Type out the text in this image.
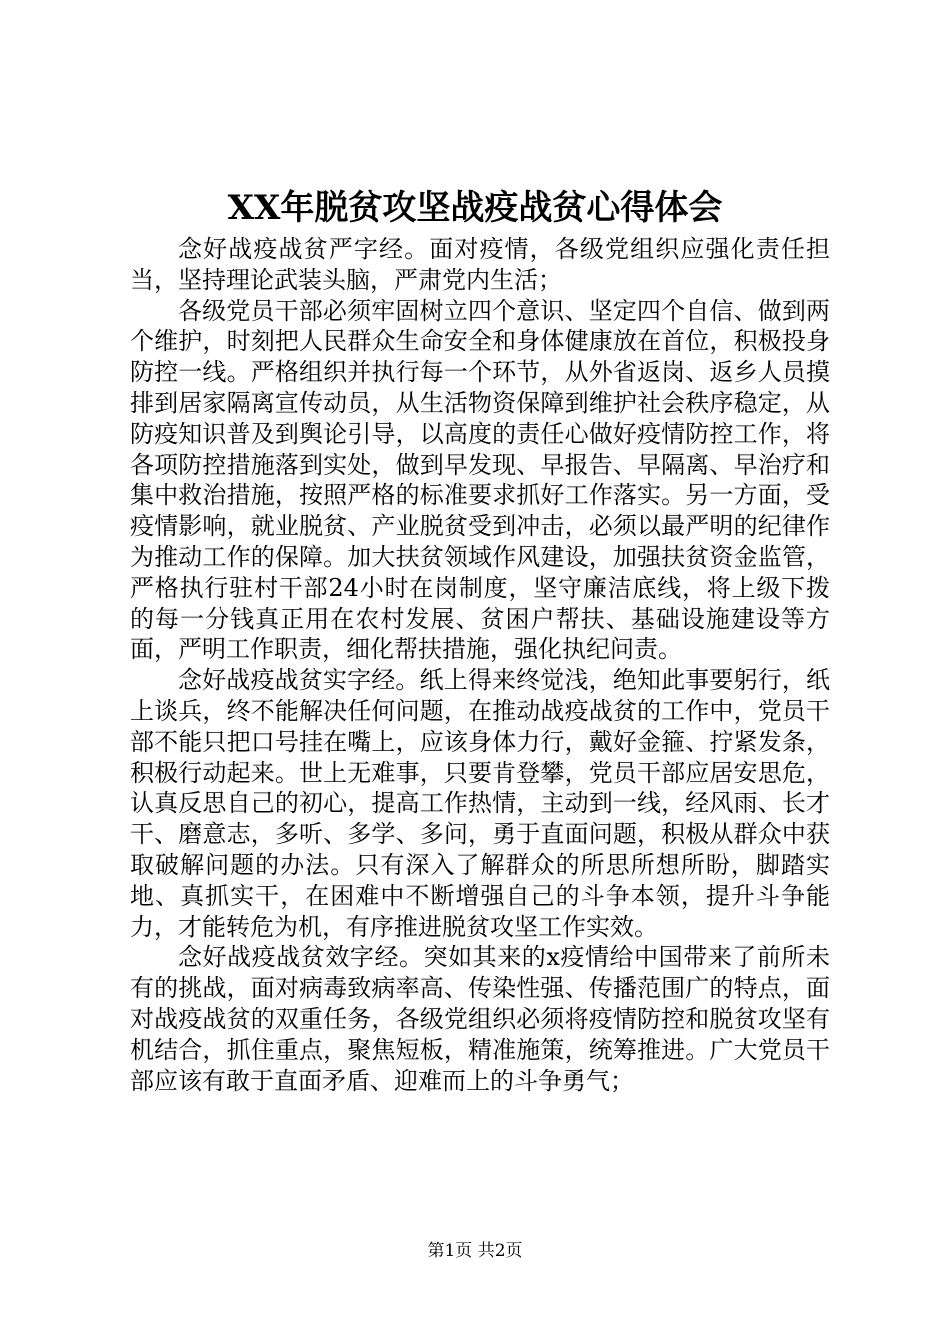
XX年脱贫攻坚战疫战贫心得体会

念好战疫战贫严字经。面对疫情，各级党组织应强化责任担当，坚持理论武装头脑，严肃党内生活；

各级党员干部必须牢固树立四个意识、坚定四个自信、做到两个维护，时刻把人民群众生命安全和身体健康放在首位，积极投身防控一线。严格组织并执行每一个环节，从外省返岗、返乡人员摸排到居家隔离宣传动员，从生活物资保障到维护社会秩序稳定，从防疫知识普及到舆论引导，以高度的责任心做好疫情防控工作，将各项防控措施落到实处，做到早发现、早报告、早隔离、早治疗和集中救治措施，按照严格的标准要求抓好工作落实。另一方面，受疫情影响，就业脱贫、产业脱贫受到冲击，必须以最严明的纪律作为推动工作的保障。加大扶贫领域作风建设，加强扶贫资金监管，严格执行驻村干部24小时在岗制度，坚守廉洁底线，将上级下拨的每一分钱真正用在农村发展、贫困户帮扶、基础设施建设等方面，严明工作职责，细化帮扶措施，强化执纪问责。

念好战疫战贫实字经。纸上得来终觉浅，绝知此事要躬行，纸上谈兵，终不能解决任何问题，在推动战疫战贫的工作中，党员干部不能只把口号挂在嘴上，应该身体力行，戴好金箍、拧紧发条，积极行动起来。世上无难事，只要肯登攀，党员干部应居安思危，认真反思自己的初心，提高工作热情，主动到一线，经风雨、长才干、磨意志，多听、多学、多问，勇于直面问题，积极从群众中获取破解问题的办法。只有深入了解群众的所思所想所盼，脚踏实地、真抓实干，在困难中不断增强自己的斗争本领，提升斗争能力，才能转危为机，有序推进脱贫攻坚工作实效。

念好战疫战贫效字经。突如其来的x疫情给中国带来了前所未有的挑战，面对病毒致病率高、传染性强、传播范围广的特点，面对战疫战贫的双重任务，各级党组织必须将疫情防控和脱贫攻坚有机结合，抓住重点，聚焦短板，精准施策，统筹推进。广大党员干部应该有敢于直面矛盾、迎难而上的斗争勇气；

第1页 共2页
